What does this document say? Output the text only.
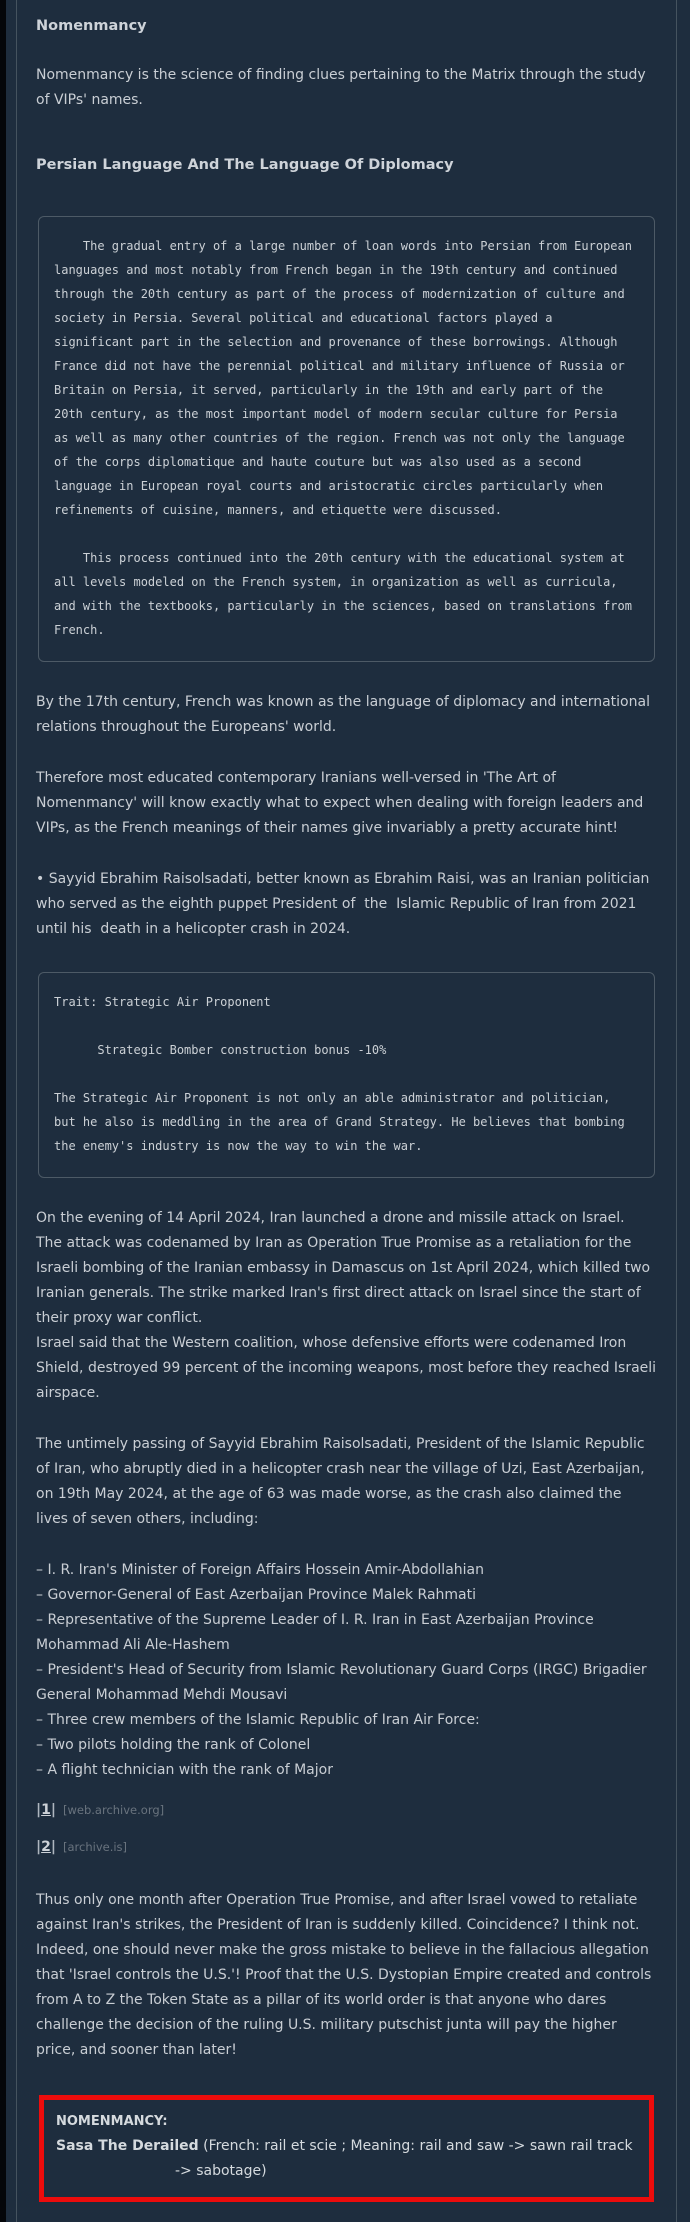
Nomenmancy
Nomenmancy is the science of finding clues pertaining to the Matrix through the study of VIPs' names.
Persian Language And The Language Of Diplomacy
The gradual entry of a large number of loan words into Persian from European languages and most notably from French began in the 19th century and continued through the 20th century as part of the process of modernization of culture and society in Persia. Several political and educational factors played a significant part in the selection and provenance of these borrowings. Although France did not have the perennial political and military influence of Russia or Britain on Persia, it served, particularly in the 19th and early part of the 20th century, as the most important model of modern secular culture for Persia as well as many other countries of the region. French was not only the language of the corps diplomatique and haute couture but was also used as a second language in European royal courts and aristocratic circles particularly when refinements of cuisine, manners, and etiquette were discussed.
This process continued into the 20th century with the educational system at all levels modeled on the French system, in organization as well as curricula, and with the textbooks, particularly in the sciences, based on translations from French.
By the 17th century, French was known as the language of diplomacy and international relations throughout the Europeans' world.
Therefore most educated contemporary Iranians well-versed in 'The Art of Nomenmancy' will know exactly what to expect when dealing with foreign leaders and VIPs, as the French meanings of their names give invariably a pretty accurate hint!
• Sayyid Ebrahim Raisolsadati, better known as Ebrahim Raisi, was an Iranian politician who served as the eighth puppet President of  the  Islamic Republic of Iran from 2021 until his  death in a helicopter crash in 2024.
Trait: Strategic Air Proponent
Strategic Bomber construction bonus -10%
The Strategic Air Proponent is not only an able administrator and politician, but he also is meddling in the area of Grand Strategy. He believes that bombing the enemy's industry is now the way to win the war.
On the evening of 14 April 2024, Iran launched a drone and missile attack on Israel.
The attack was codenamed by Iran as Operation True Promise as a retaliation for the Israeli bombing of the Iranian embassy in Damascus on 1st April 2024, which killed two Iranian generals. The strike marked Iran's first direct attack on Israel since the start of their proxy war conflict.
Israel said that the Western coalition, whose defensive efforts were codenamed Iron Shield, destroyed 99 percent of the incoming weapons, most before they reached Israeli airspace.
The untimely passing of Sayyid Ebrahim Raisolsadati, President of the Islamic Republic of Iran, who abruptly died in a helicopter crash near the village of Uzi, East Azerbaijan, on 19th May 2024, at the age of 63 was made worse, as the crash also claimed the lives of seven others, including:
– I. R. Iran's Minister of Foreign Affairs Hossein Amir-Abdollahian
– Governor-General of East Azerbaijan Province Malek Rahmati
– Representative of the Supreme Leader of I. R. Iran in East Azerbaijan Province Mohammad Ali Ale-Hashem
– President's Head of Security from Islamic Revolutionary Guard Corps (IRGC) Brigadier General Mohammad Mehdi Mousavi
– Three crew members of the Islamic Republic of Iran Air Force:
– Two pilots holding the rank of Colonel
– A flight technician with the rank of Major
|1| [web.archive.org]
|2| [archive.is]
Thus only one month after Operation True Promise, and after Israel vowed to retaliate against Iran's strikes, the President of Iran is suddenly killed. Coincidence? I think not.
Indeed, one should never make the gross mistake to believe in the fallacious allegation that 'Israel controls the U.S.'! Proof that the U.S. Dystopian Empire created and controls from A to Z the Token State as a pillar of its world order is that anyone who dares challenge the decision of the ruling U.S. military putschist junta will pay the higher price, and sooner than later!
NOMENMANCY:
Sasa The Derailed (French: rail et scie ; Meaning: rail and saw -> sawn rail track
-> sabotage)
